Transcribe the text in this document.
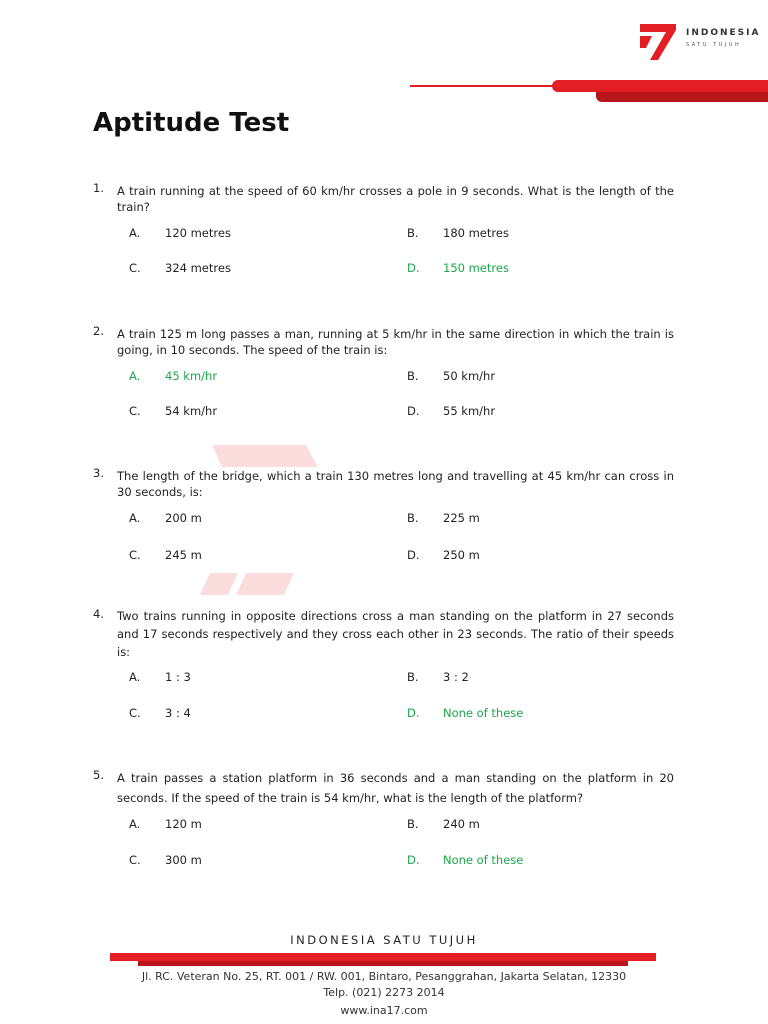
INDONESIA
SATU TUJUH
Aptitude Test
1. A train running at the speed of 60 km/hr crosses a pole in 9 seconds. What is the length of the train?
A. 120 metres	B. 180 metres
C. 324 metres	D. 150 metres
2. A train 125 m long passes a man, running at 5 km/hr in the same direction in which the train is going, in 10 seconds. The speed of the train is:
A. 45 km/hr	B. 50 km/hr
C. 54 km/hr	D. 55 km/hr
3. The length of the bridge, which a train 130 metres long and travelling at 45 km/hr can cross in 30 seconds, is:
A. 200 m	B. 225 m
C. 245 m	D. 250 m
4. Two trains running in opposite directions cross a man standing on the platform in 27 seconds and 17 seconds respectively and they cross each other in 23 seconds. The ratio of their speeds is:
A. 1 : 3	B. 3 : 2
C. 3 : 4	D. None of these
5. A train passes a station platform in 36 seconds and a man standing on the platform in 20 seconds. If the speed of the train is 54 km/hr, what is the length of the platform?
A. 120 m	B. 240 m
C. 300 m	D. None of these
INDONESIA SATU TUJUH
Jl. RC. Veteran No. 25, RT. 001 / RW. 001, Bintaro, Pesanggrahan, Jakarta Selatan, 12330
Telp. (021) 2273 2014
www.ina17.com
